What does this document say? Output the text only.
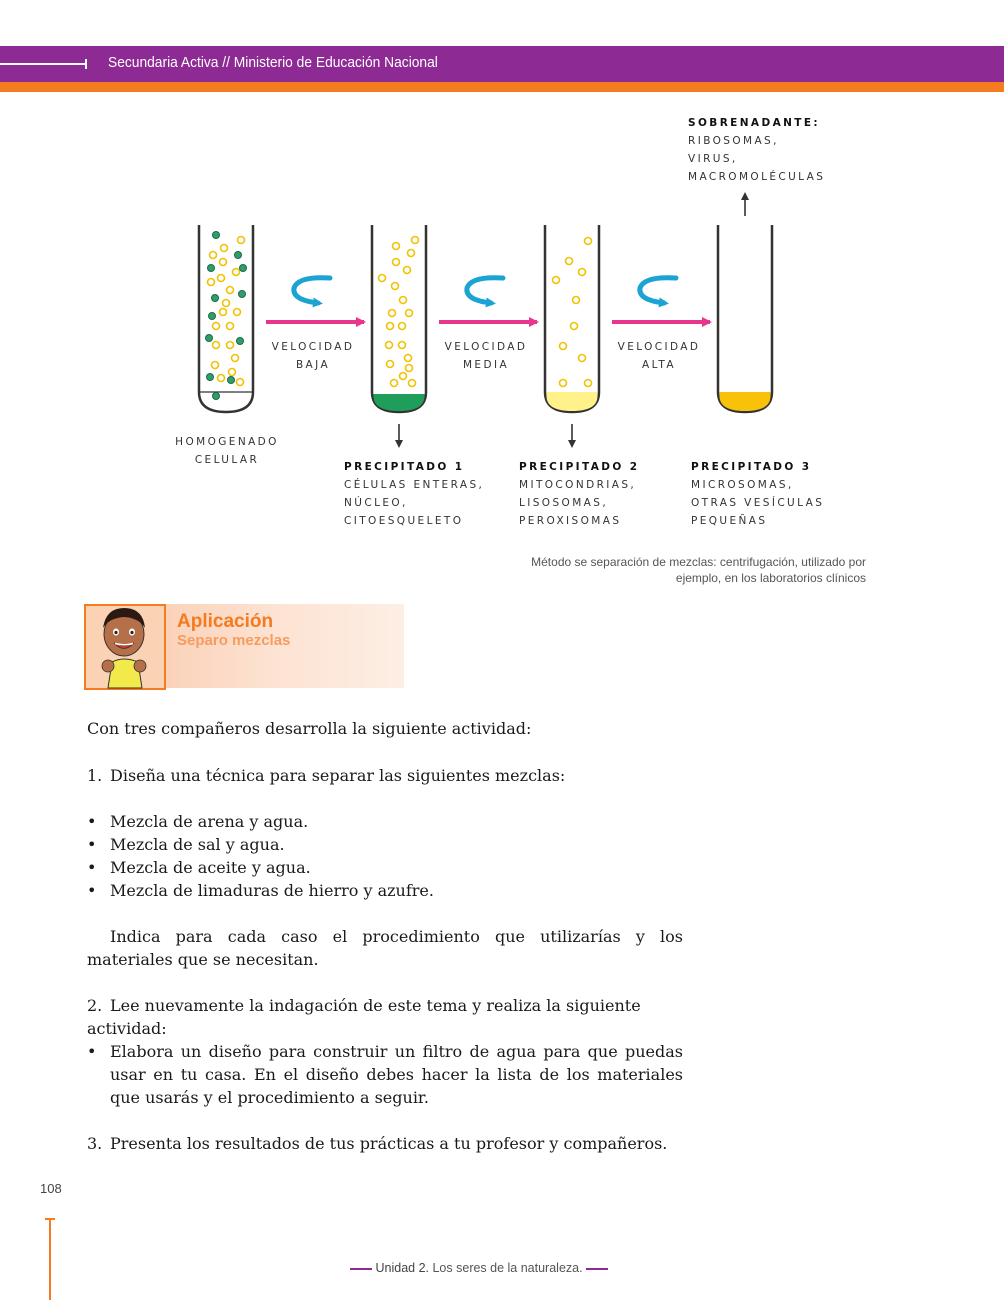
Secundaria Activa // Ministerio de Educación Nacional
VELOCIDAD
BAJA
VELOCIDAD
MEDIA
VELOCIDAD
ALTA
HOMOGENADO
CELULAR
PRECIPITADO 1
CÉLULAS ENTERAS,
NÚCLEO,
CITOESQUELETO
PRECIPITADO 2
MITOCONDRIAS,
LISOSOMAS,
PEROXISOMAS
PRECIPITADO 3
MICROSOMAS,
OTRAS VESÍCULAS
PEQUEÑAS
SOBRENADANTE:
RIBOSOMAS,
VIRUS,
MACROMOLÉCULAS
Método se separación de mezclas: centrifugación, utilizado por
ejemplo, en los laboratorios clínicos
Aplicación
Separo mezclas
Con tres compañeros desarrolla la siguiente actividad:
1. Diseña una técnica para separar las siguientes mezclas:
• Mezcla de arena y agua.
• Mezcla de sal y agua.
• Mezcla de aceite y agua.
• Mezcla de limaduras de hierro y azufre.
Indica para cada caso el procedimiento que utilizarías y los materiales que se necesitan.
2. Lee nuevamente la indagación de este tema y realiza la siguiente actividad:
• Elabora un diseño para construir un filtro de agua para que puedas usar en tu casa. En el diseño debes hacer la lista de los materiales que usarás y el procedimiento a seguir.
3. Presenta los resultados de tus prácticas a tu profesor y compañeros.
108
Unidad 2. Los seres de la naturaleza.
